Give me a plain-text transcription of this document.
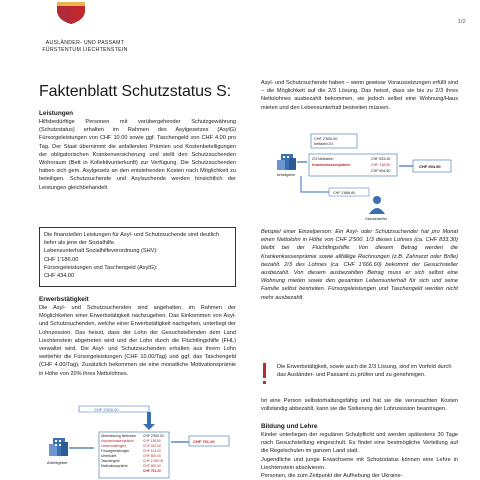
AUSLÄNDER- UND PASSAMT
FÜRSTENTUM LIECHTENSTEIN
1/2
Faktenblatt Schutzstatus S:
Leistungen
Hilfsbedürftige Personen mit vorübergehender Schutzgewährung (Schutzstatus) erhalten im Rahmen des Asylgesetzes (AsylG) Fürsorgeleistungen von CHF 10.00 sowie ggf. Taschengeld von CHF 4.00 pro Tag. Der Staat übernimmt die anfallenden Prämien und Kostenbeteiligungen der obligatorischen Krankenversicherung und stellt den Schutzsuchenden Wohnraum (Bett in Kollektivunterkunft) zur Verfügung. Die Schutzsuchenden haben sich gem. Asylgesetz an den entstehenden Kosten nach Möglichkeit zu beteiligen. Schutzsuchende und Asylsuchende werden hinsichtlich der Leistungen gleichbehandelt.
Die finanziellen Leistungen für Asyl- und Schutzsuchende sind deutlich tiefer als jene der Sozialhilfe.
Lebensunterhalt Sozialhilfeverordnung (SHV):
CHF 1'186.00
Fürsorgeleistungen und Taschengeld (AsylG):
CHF 434.00
Erwerbstätigkeit
Die Asyl- und Schutzsuchenden sind angehalten, im Rahmen der Möglichkeiten einer Erwerbstätigkeit nachzugehen. Das Einkommen von Asyl- und Schutzsuchenden, welche einer Erwerbstätigkeit nachgehen, unterliegt der Lohnzession. Das heisst, dass der Lohn der Gesuchstellenden dem Land Liechtenstein abgetreten wird und der Lohn durch die Flüchtlingshilfe (FHL) verwaltet wird. Die Asyl- und Schutzsuchenden erhalten aus ihrem Lohn weiterhin die Fürsorgeleistungen (CHF 10.00/Tag) und ggf. das Taschengeld (CHF 4.00/Tag). Zusätzlich bekommen sie eine monatliche Motivationsprämie in Höhe von 20% ihres Nettolohnes.
CHF 2'500.00
Arbeitgeber
Überweisung Nettolohn CHF 2'500.00
Krankenkassenprämie	CHF 138.80
Lebensmittelgeld	CHF 310.00
Fürsorgeleistungen	CHF 124.00
Unterkunft	CHF 800.00
Taschengeld	CHF 1'250.00
Motivationsprämie	CHF 500.00
CHF 751.20
CHF 751.20
Asyl- und Schutzsuchende haben – wenn gewisse Voraussetzungen erfüllt sind – die Möglichkeit auf die 2/3 Lösung. Das heisst, dass sie bis zu 2/3 ihres Nettolohnes ausbezahlt bekommen, sie jedoch selbst eine Wohnung/Haus mieten und den Lebensunterhalt bestreiten müssen.
CHF 2'500.00
Nettolohn 2/3
Arbeitgeber
2/3 Nettolohn	CHF 833.30
Krankenkassenprämie	CHF 138.80
CHF 694.50
CHF 694.50
CHF 1'666.60
Gesuchsteller
Beispiel einer Einzelperson: Ein Asyl- oder Schutzsuchender hat pro Monat einen Nettolohn in Höhe von CHF 2'500. 1/3 dieses Lohnes (ca. CHF 833.30) bleibt bei der Flüchtlingshilfe. Von diesem Betrag werden die Krankenkassenprämie sowie allfällige Rechnungen (z.B. Zahnarzt oder Brille) bezahlt. 2/3 des Lohnes (ca. CHF 1'666.60) bekommt der Gesuchsteller ausbezahlt. Von diesem ausbezahlten Betrag muss er sich selbst eine Wohnung mieten sowie den gesamten Lebensunterhalt für sich und seine Familie selbst bestreiten. Fürsorgeleistungen und Taschengeld werden nicht mehr ausbezahlt.
Die Erwerbstätigkeit, sowie auch die 2/3 Lösung, sind im Vorfeld durch das Ausländer- und Passamt zu prüfen und zu genehmigen.
Ist eine Person selbstorhaltungsfähig und hat sie die verursachten Kosten vollständig abbezahlt, kann sie die Sistierung der Lohnzession beantragen.
Bildung und Lehre
Kinder unterliegen der regulären Schulpflicht und werden spätestens 30 Tage nach Gesuchstellung eingeschult. Es findet eine bestmögliche Verteilung auf die Regelschulen im ganzen Land statt.
Jugendliche und junge Erwachsene mit Schutzstatus können eine Lehre in Liechtenstein absolvieren.
Personen, die zum Zeitpunkt der Aufhebung der Ukraine-
